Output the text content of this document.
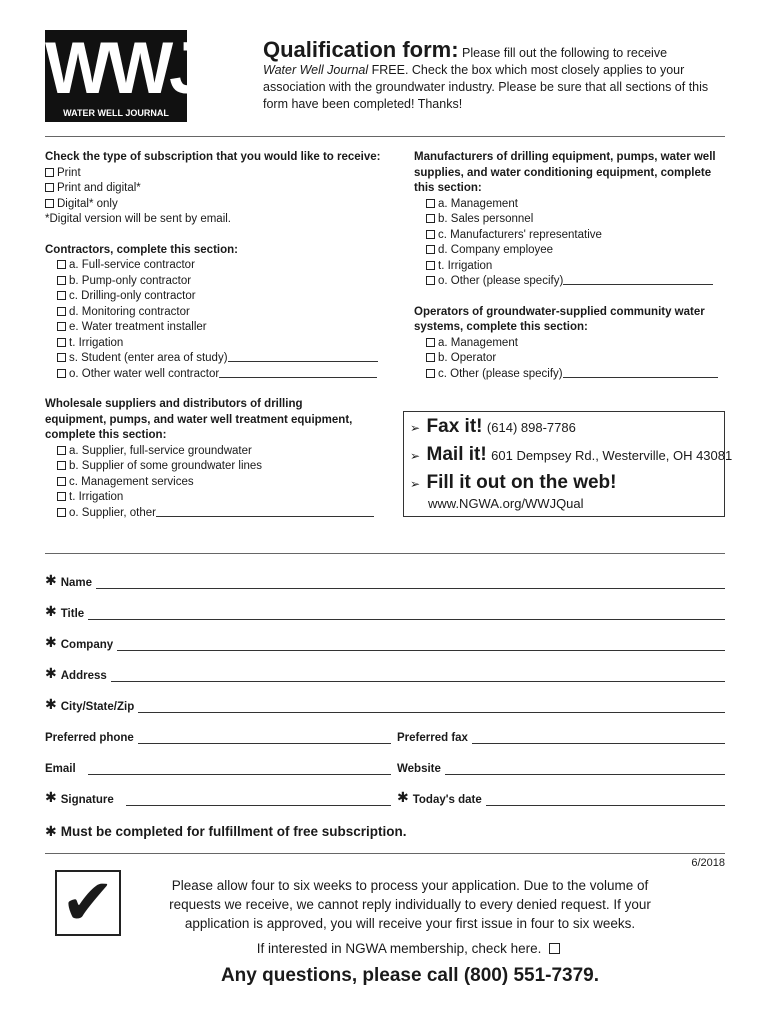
WWJ
WATER WELL JOURNAL
Qualification form: Please fill out the following to receive
Water Well Journal FREE. Check the box which most closely applies to your association with the groundwater industry. Please be sure that all sections of this form have been completed! Thanks!
Check the type of subscription that you would like to receive:
Print
Print and digital*
Digital* only
*Digital version will be sent by email.
Contractors, complete this section:
a. Full-service contractor
b. Pump-only contractor
c. Drilling-only contractor
d. Monitoring contractor
e. Water treatment installer
t. Irrigation
s. Student (enter area of study)
o. Other water well contractor
Wholesale suppliers and distributors of drilling equipment, pumps, and water well treatment equipment, complete this section:
a. Supplier, full-service groundwater
b. Supplier of some groundwater lines
c. Management services
t. Irrigation
o. Supplier, other
Manufacturers of drilling equipment, pumps, water well supplies, and water conditioning equipment, complete this section:
a. Management
b. Sales personnel
c. Manufacturers' representative
d. Company employee
t. Irrigation
o. Other (please specify)
Operators of groundwater-supplied community water systems, complete this section:
a. Management
b. Operator
c. Other (please specify)
➢ Fax it! (614) 898-7786
➢ Mail it! 601 Dempsey Rd., Westerville, OH 43081
➢ Fill it out on the web!
www.NGWA.org/WWJQual
✱ Name
✱ Title
✱ Company
✱ Address
✱ City/State/Zip
Preferred phone	Preferred fax
Email	Website
✱ Signature	✱ Today's date
✱ Must be completed for fulfillment of free subscription.
6/2018
✔	Please allow four to six weeks to process your application. Due to the volume of requests we receive, we cannot reply individually to every denied request. If your application is approved, you will receive your first issue in four to six weeks.
If interested in NGWA membership, check here.
Any questions, please call (800) 551-7379.
